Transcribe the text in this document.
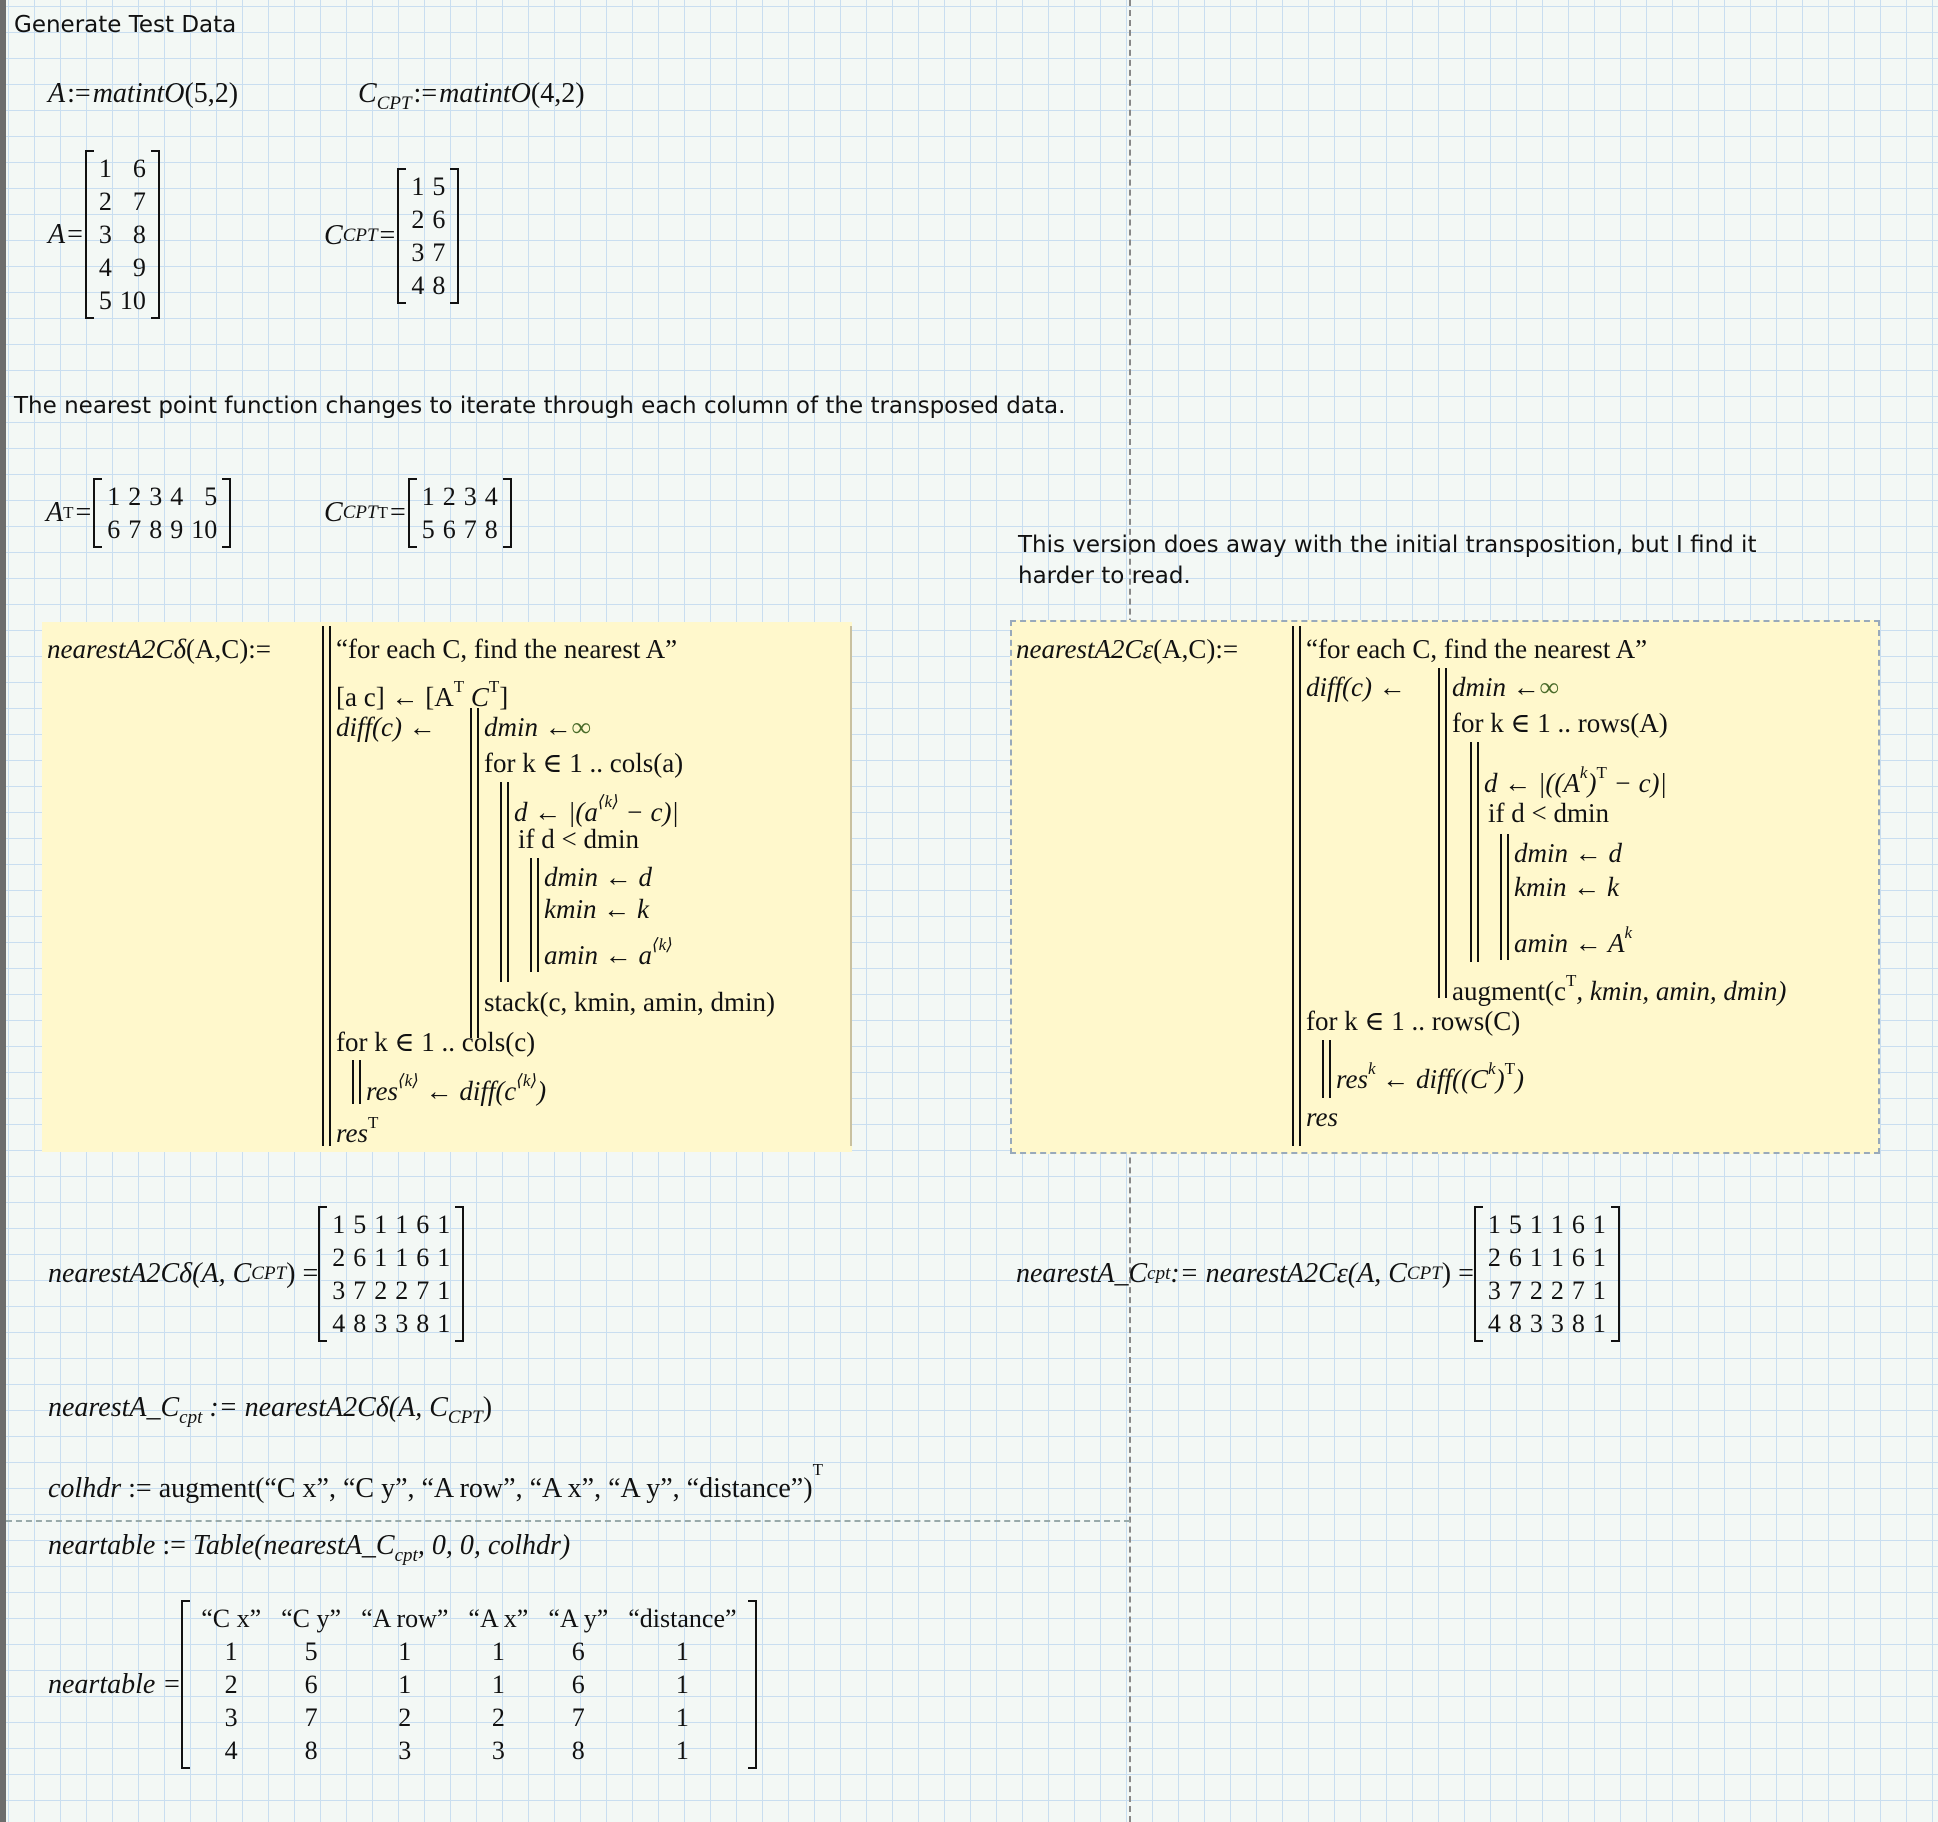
Generate Test Data
A:=matintO(5,2)	$C_{CPT}:=matintO(4,2)$
A =
1	6
2	7
3	8
4	9
5	10
C CPT =
1	5
2	6
3	7
4	8
The nearest point function changes to iterate through each column of the transposed data.
A T =
1	2	3	4	5
6	7	8	9	10
C CPT T =
1	2	3	4
5	6	7	8
This version does away with the initial transposition, but I find it
harder to read.
nearestA2Cδ(A,C):= “for each C, find the nearest A”
[a c] ← [$A^T$ $C^T$]
diff(c) ← dmin ←∞
for k ∈ 1 .. cols(a)
d ← $|(a^{⟨k⟩} - c)|$
if d < dmin
dmin ← d
kmin ← k
amin ← $a^{⟨k⟩}$
stack(c, kmin, amin, dmin)
for k ∈ 1 .. cols(c)
res$^{⟨k⟩}$ ← $diff(c^{⟨k⟩})$
res$^T$
nearestA2Cε(A,C):=	“for each C, find the nearest A”
diff(c) ← dmin ←∞
for k ∈ 1 .. rows(A)
d ← $|((A^k)^T - c)|$
if d < dmin
dmin ← d
kmin ← k
amin ← $A^k$
$augment(c^T$, kmin, amin, dmin)
for k ∈ 1 .. rows(C)
res$^k$ ← $diff((C^k)^T)$
res
nearestA2Cδ(A, C CPT ) =
1	5	1	1	6	1
2	6	1	1	6	1
3	7	2	2	7	1
4	8	3	3	8	1
nearestA_C cpt := nearestA2Cε(A, C CPT ) =
1	5	1	1	6	1
2	6	1	1	6	1
3	7	2	2	7	1
4	8	3	3	8	1
$nearestA\_C_{cpt}$ := nearestA2Cδ(A, $C_{CPT}$)
colhdr := augment(“C x”, “C y”, “A row”, “A x”, “A y”, “distance”)$^T$
neartable := $Table(nearestA\_C_{cpt}$, 0, 0, colhdr)
neartable =
“C x”	“C y”	“A row”	“A x”	“A y”	“distance”
1	5	1	1	6	1
2	6	1	1	6	1
3	7	2	2	7	1
4	8	3	3	8	1
